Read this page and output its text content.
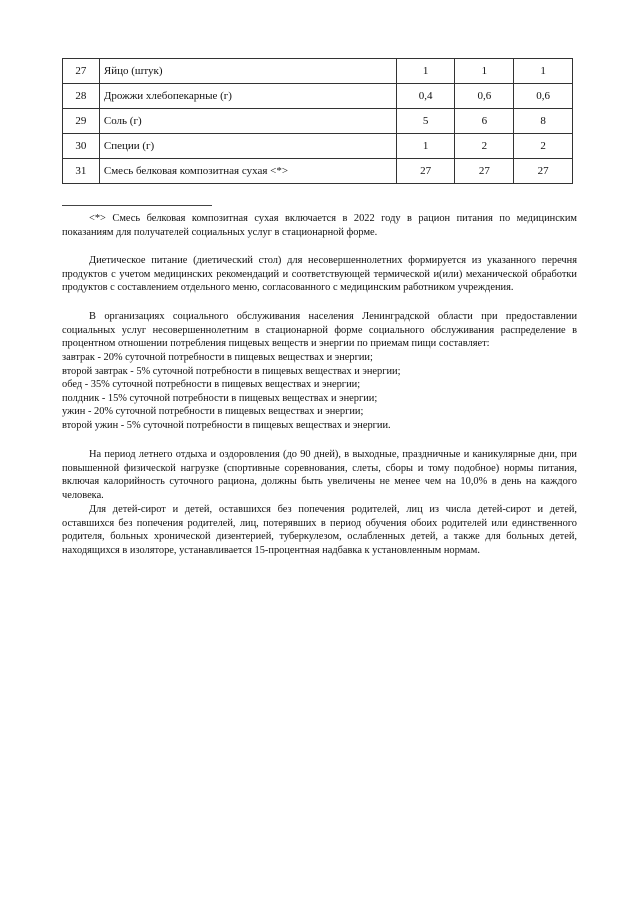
27	Яйцо (штук)	1	1	1
28	Дрожжи хлебопекарные (г)	0,4	0,6	0,6
29	Соль (г)	5	6	8
30	Специи (г)	1	2	2
31	Смесь белковая композитная сухая <*>	27	27	27

<*> Смесь белковая композитная сухая включается в 2022 году в рацион питания по медицинским показаниям для получателей социальных услуг в стационарной форме.

Диетическое питание (диетический стол) для несовершеннолетних формируется из указанного перечня продуктов с учетом медицинских рекомендаций и соответствующей термической и(или) механической обработки продуктов с составлением отдельного меню, согласованного с медицинским работником учреждения.

В организациях социального обслуживания населения Ленинградской области при предоставлении социальных услуг несовершеннолетним в стационарной форме социального обслуживания распределение в процентном отношении потребления пищевых веществ и энергии по приемам пищи составляет:

завтрак - 20% суточной потребности в пищевых веществах и энергии;
второй завтрак - 5% суточной потребности в пищевых веществах и энергии;
обед - 35% суточной потребности в пищевых веществах и энергии;
полдник - 15% суточной потребности в пищевых веществах и энергии;
ужин - 20% суточной потребности в пищевых веществах и энергии;
второй ужин - 5% суточной потребности в пищевых веществах и энергии.

На период летнего отдыха и оздоровления (до 90 дней), в выходные, праздничные и каникулярные дни, при повышенной физической нагрузке (спортивные соревнования, слеты, сборы и тому подобное) нормы питания, включая калорийность суточного рациона, должны быть увеличены не менее чем на 10,0% в день на каждого человека.

Для детей-сирот и детей, оставшихся без попечения родителей, лиц из числа детей-сирот и детей, оставшихся без попечения родителей, лиц, потерявших в период обучения обоих родителей или единственного родителя, больных хронической дизентерией, туберкулезом, ослабленных детей, а также для больных детей, находящихся в изоляторе, устанавливается 15-процентная надбавка к установленным нормам.
